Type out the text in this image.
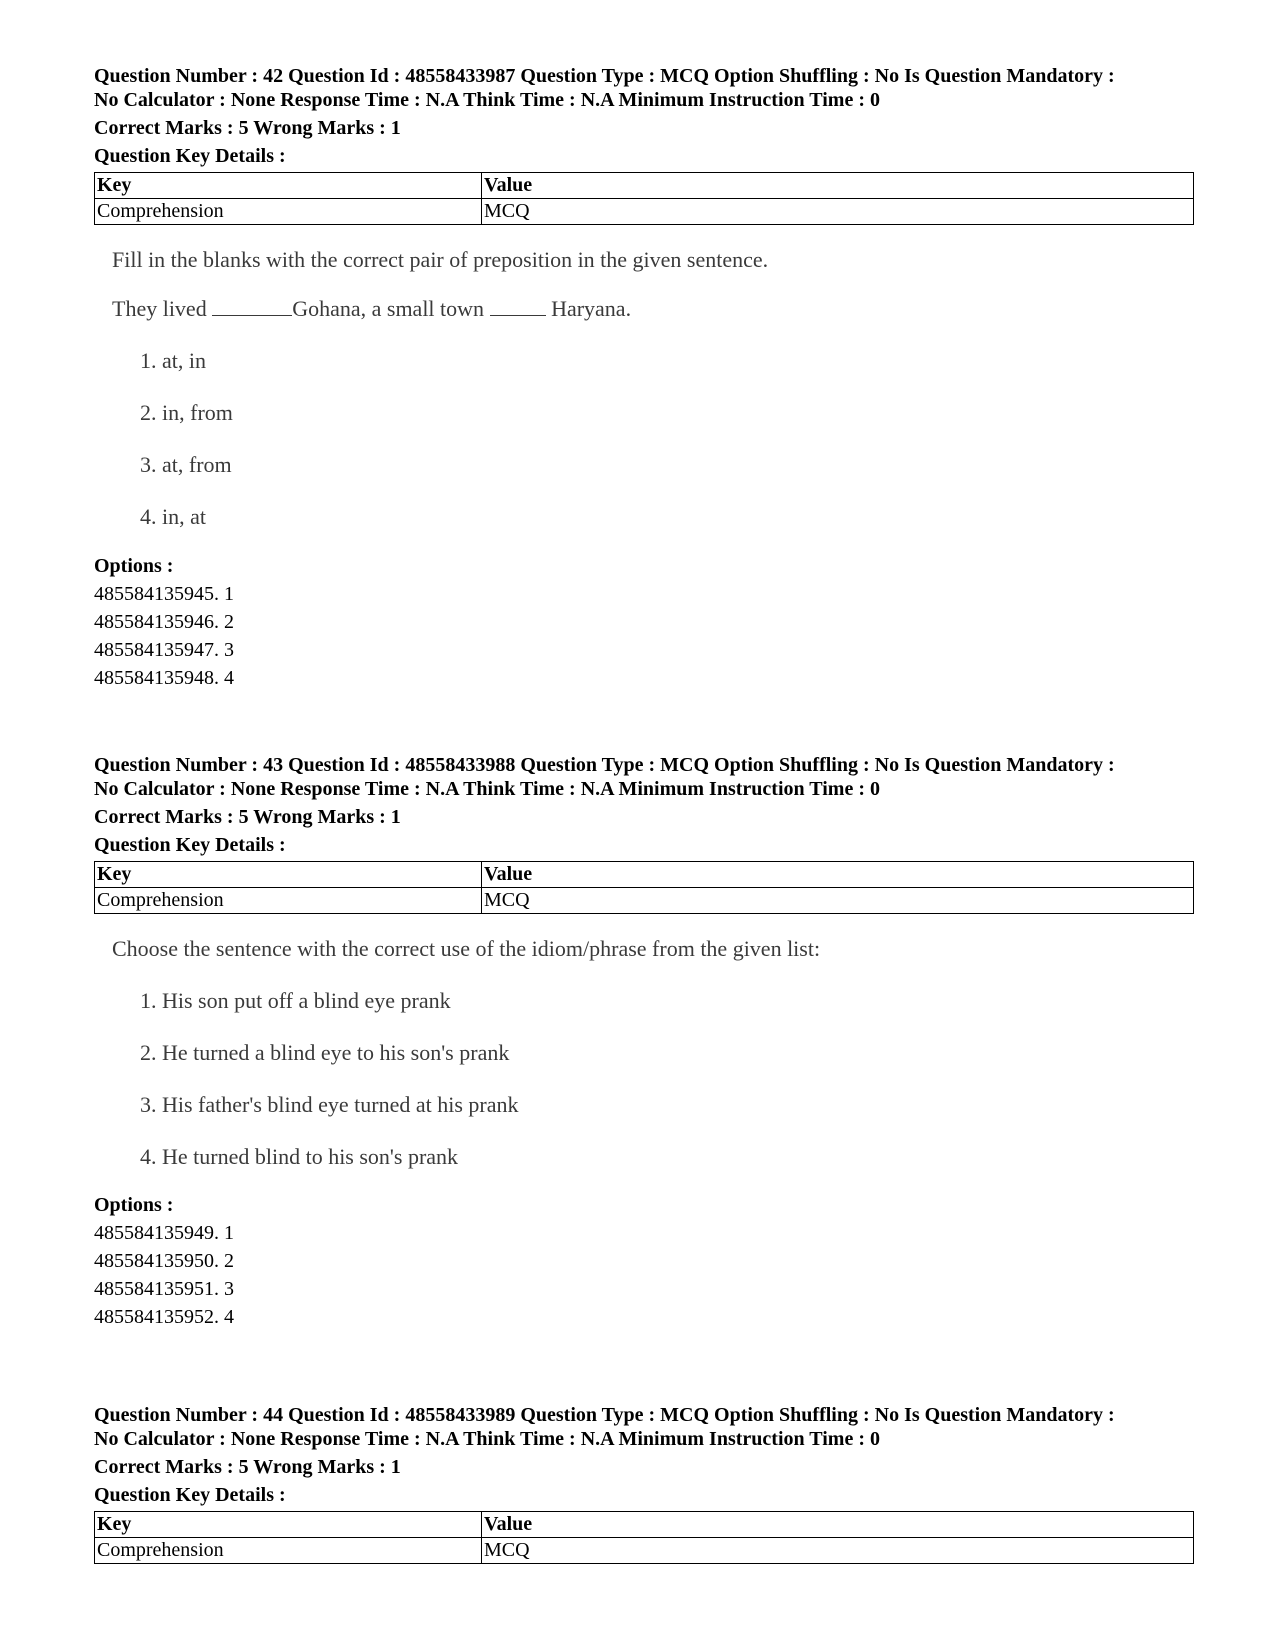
Question Number : 42 Question Id : 48558433987 Question Type : MCQ Option Shuffling : No Is Question Mandatory :

No Calculator : None Response Time : N.A Think Time : N.A Minimum Instruction Time : 0

Correct Marks : 5 Wrong Marks : 1
Question Key Details :
Key	Value
Comprehension	MCQ
Fill in the blanks with the correct pair of preposition in the given sentence.
They lived	Gohana, a small town	Haryana.
1. at, in
2. in, from
3. at, from
4. in, at
Options :
485584135945. 1
485584135946. 2
485584135947. 3
485584135948. 4

Question Number : 43 Question Id : 48558433988 Question Type : MCQ Option Shuffling : No Is Question Mandatory :

No Calculator : None Response Time : N.A Think Time : N.A Minimum Instruction Time : 0

Correct Marks : 5 Wrong Marks : 1
Question Key Details :
Key	Value
Comprehension	MCQ
Choose the sentence with the correct use of the idiom/phrase from the given list:
1. His son put off a blind eye prank
2. He turned a blind eye to his son's prank
3. His father's blind eye turned at his prank
4. He turned blind to his son's prank
Options :
485584135949. 1
485584135950. 2
485584135951. 3
485584135952. 4

Question Number : 44 Question Id : 48558433989 Question Type : MCQ Option Shuffling : No Is Question Mandatory :

No Calculator : None Response Time : N.A Think Time : N.A Minimum Instruction Time : 0

Correct Marks : 5 Wrong Marks : 1
Question Key Details :
Key	Value
Comprehension	MCQ
